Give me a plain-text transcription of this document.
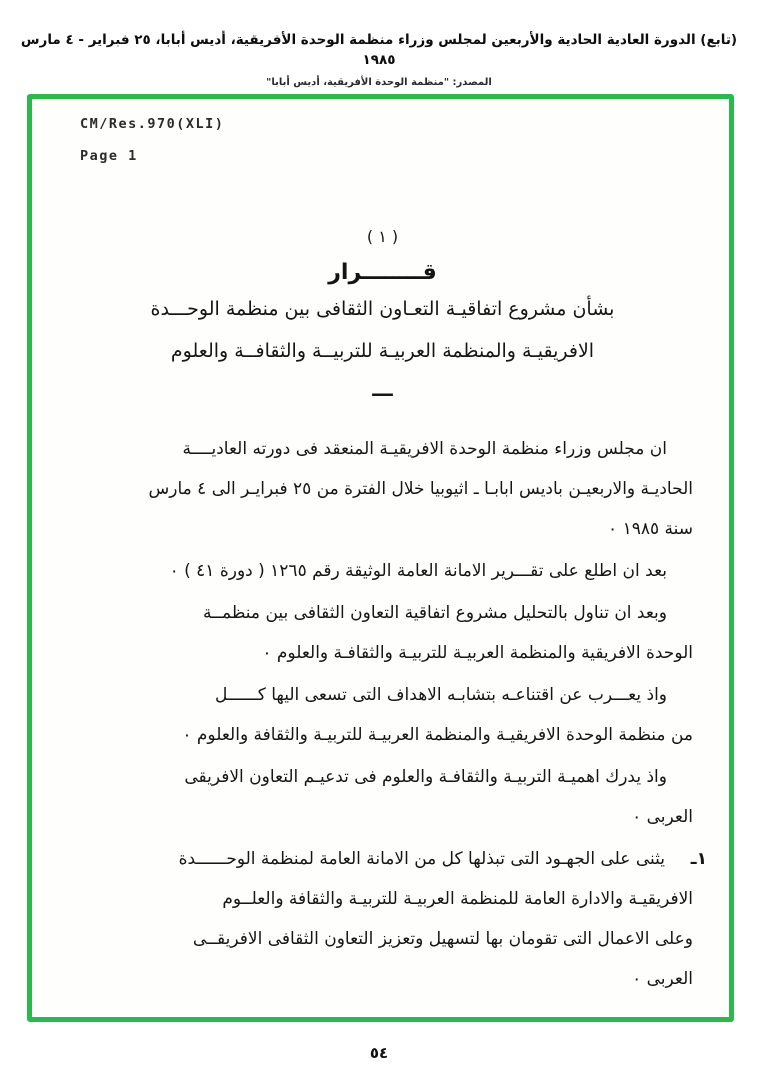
(تابع) الدورة العادية الحادية والأربعين لمجلس وزراء منظمة الوحدة الأفريقية، أديس أبابا، ٢٥ فبراير - ٤ مارس ١٩٨٥
المصدر: "منظمة الوحدة الأفريقية، أديس أبابا"
CM/Res.970(XLI)
Page 1
( ١ )
قــــــــرار
بشأن مشروع اتفاقيـة التعـاون الثقافى بين منظمة الوحـــدة
الافريقيـة والمنظمة العربيـة للتربيــة والثقافــة والعلوم
ـــ
ان مجلس وزراء منظمة الوحدة الافريقيـة المنعقد فى دورته العاديــــة
الحاديـة والاربعيـن باديس ابابـا ـ اثيوبيا خلال الفترة من ٢٥ فبرايـر الى ٤ مارس
سنة ١٩٨٥ ٠
بعد ان اطلع على تقـــرير الامانة العامة الوثيقة رقم ١٢٦٥ ( دورة ٤١ ) ٠
وبعد ان تناول بالتحليل مشروع اتفاقية التعاون الثقافى بين منظمــة
الوحدة الافريقية والمنظمة العربيـة للتربيـة والثقافـة والعلوم ٠
واذ يعـــرب عن اقتناعـه بتشابـه الاهداف التى تسعى اليها كــــــل
من منظمة الوحدة الافريقيـة والمنظمة العربيـة للتربيـة والثقافة والعلوم ٠
واذ يدرك اهميـة التربيـة والثقافـة والعلوم فى تدعيـم التعاون الافريقى
العربى ٠
١ـ
يثنى على الجهـود التى تبذلها كل من الامانة العامة لمنظمة الوحــــــدة
الافريقيـة والادارة العامة للمنظمة العربيـة للتربيـة والثقافة والعلــوم
وعلى الاعمال التى تقومان بها لتسهيل وتعزيز التعاون الثقافى الافريقــى
العربى ٠
٥٤
